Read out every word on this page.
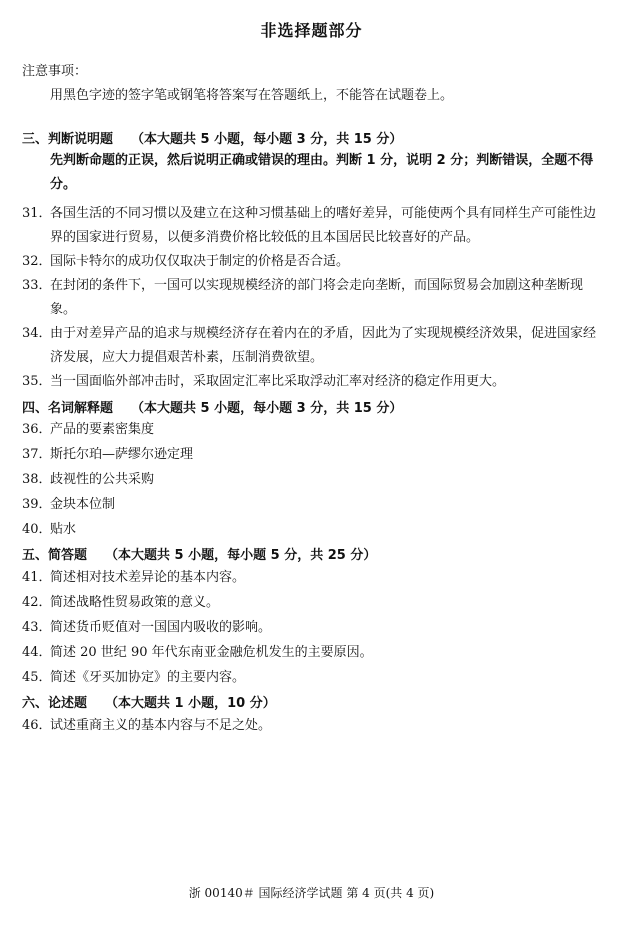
非选择题部分
注意事项：
用黑色字迹的签字笔或钢笔将答案写在答题纸上，不能答在试题卷上。
三、判断说明题 （本大题共 5 小题，每小题 3 分，共 15 分）
先判断命题的正误，然后说明正确或错误的理由。判断 1 分，说明 2 分；判断错误，全题不得分。
31．
各国生活的不同习惯以及建立在这种习惯基础上的嗜好差异，可能使两个具有同样生产可能性边界的国家进行贸易，以便多消费价格比较低的且本国居民比较喜好的产品。
32．
国际卡特尔的成功仅仅取决于制定的价格是否合适。
33．
在封闭的条件下，一国可以实现规模经济的部门将会走向垄断，而国际贸易会加剧这种垄断现象。
34．
由于对差异产品的追求与规模经济存在着内在的矛盾，因此为了实现规模经济效果，促进国家经济发展，应大力提倡艰苦朴素，压制消费欲望。
35．
当一国面临外部冲击时，采取固定汇率比采取浮动汇率对经济的稳定作用更大。
四、名词解释题 （本大题共 5 小题，每小题 3 分，共 15 分）
36．
产品的要素密集度
37．
斯托尔珀—萨缪尔逊定理
38．
歧视性的公共采购
39．
金块本位制
40．
贴水
五、简答题 （本大题共 5 小题，每小题 5 分，共 25 分）
41．
简述相对技术差异论的基本内容。
42．
简述战略性贸易政策的意义。
43．
简述货币贬值对一国国内吸收的影响。
44．
简述 20 世纪 90 年代东南亚金融危机发生的主要原因。
45．
简述《牙买加协定》的主要内容。
六、论述题 （本大题共 1 小题，10 分）
46．
试述重商主义的基本内容与不足之处。
浙 00140＃ 国际经济学试题 第 4 页(共 4 页)
